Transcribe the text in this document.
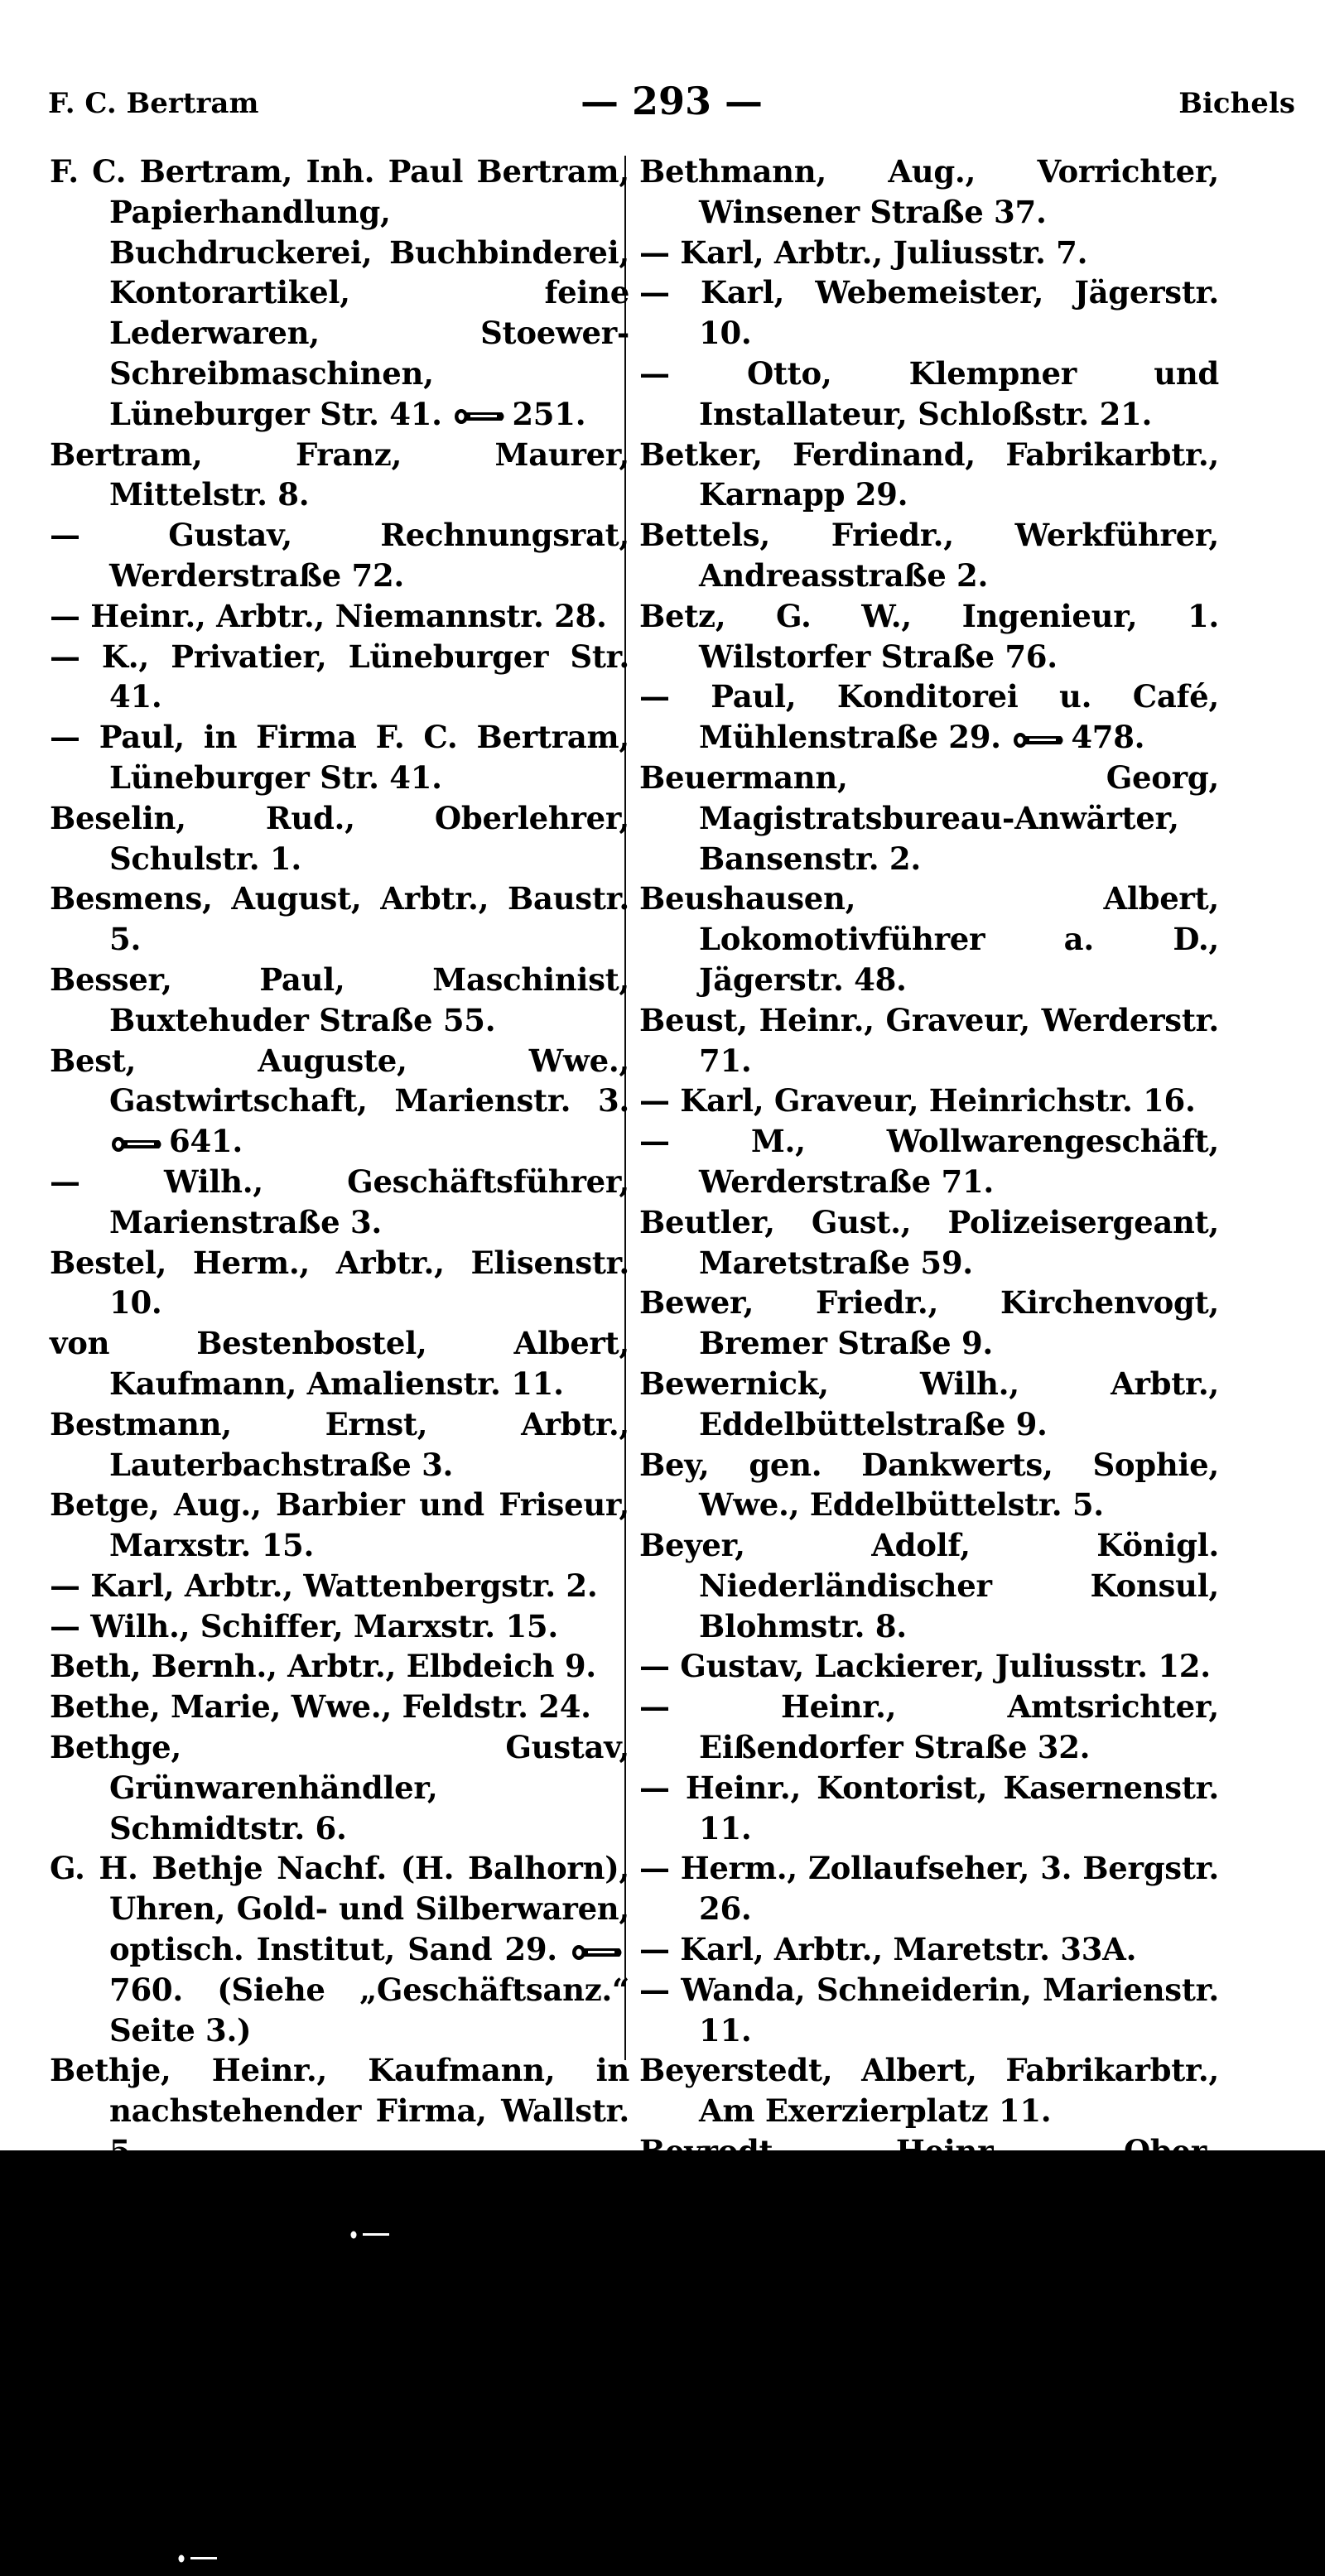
F. C. Bertram	— 293 —	Bichels
F. C. Bertram, Inh. Paul Bertram, Papierhandlung, Buchdruckerei, Buchbinderei, Kontorartikel, feine Lederwaren, Stoewer-Schreibmaschinen, Lüneburger Str. 41. 251.
Bertram, Franz, Maurer, Mittelstr. 8.
— Gustav, Rechnungsrat, Werderstraße 72.
— Heinr., Arbtr., Niemannstr. 28.
— K., Privatier, Lüneburger Str. 41.
— Paul, in Firma F. C. Bertram, Lüneburger Str. 41.
Beselin, Rud., Oberlehrer, Schulstr. 1.
Besmens, August, Arbtr., Baustr. 5.
Besser, Paul, Maschinist, Buxtehuder Straße 55.
Best, Auguste, Wwe., Gastwirtschaft, Marienstr. 3. 641.
— Wilh., Geschäftsführer, Marienstraße 3.
Bestel, Herm., Arbtr., Elisenstr. 10.
von Bestenbostel, Albert, Kaufmann, Amalienstr. 11.
Bestmann, Ernst, Arbtr., Lauterbachstraße 3.
Betge, Aug., Barbier und Friseur, Marxstr. 15.
— Karl, Arbtr., Wattenbergstr. 2.
— Wilh., Schiffer, Marxstr. 15.
Beth, Bernh., Arbtr., Elbdeich 9.
Bethe, Marie, Wwe., Feldstr. 24.
Bethge, Gustav, Grünwarenhändler, Schmidtstr. 6.
G. H. Bethje Nachf. (H. Balhorn), Uhren, Gold- und Silberwaren, optisch. Institut, Sand 29. 760. (Siehe „Geschäftsanz.“ Seite 3.)
Bethje, Heinr., Kaufmann, in nachstehender Firma, Wallstr. 5.
Heinr. Bethje, Waren en gros, Wallstraße 5. 117.
Bethke, Anna, Wwe., Küchgarten 17.
— Franz, Bäckerei, Heimfelder Str. 5.
— Friedr., Mühlenarbeiter, Milchgrund 46.
— Otto, Gärtner, Heimfelder Str. 39. 599.
Bethmann, Aug., Vorrichter, Winsener Straße 37.
— Karl, Arbtr., Juliusstr. 7.
— Karl, Webemeister, Jägerstr. 10.
— Otto, Klempner und Installateur, Schloßstr. 21.
Betker, Ferdinand, Fabrikarbtr., Karnapp 29.
Bettels, Friedr., Werkführer, Andreasstraße 2.
Betz, G. W., Ingenieur, 1. Wilstorfer Straße 76.
— Paul, Konditorei u. Café, Mühlenstraße 29. 478.
Beuermann, Georg, Magistratsbureau-Anwärter, Bansenstr. 2.
Beushausen, Albert, Lokomotivführer a. D., Jägerstr. 48.
Beust, Heinr., Graveur, Werderstr. 71.
— Karl, Graveur, Heinrichstr. 16.
— M., Wollwarengeschäft, Werderstraße 71.
Beutler, Gust., Polizeisergeant, Maretstraße 59.
Bewer, Friedr., Kirchenvogt, Bremer Straße 9.
Bewernick, Wilh., Arbtr., Eddelbüttelstraße 9.
Bey, gen. Dankwerts, Sophie, Wwe., Eddelbüttelstr. 5.
Beyer, Adolf, Königl. Niederländischer Konsul, Blohmstr. 8.
— Gustav, Lackierer, Juliusstr. 12.
— Heinr., Amtsrichter, Eißendorfer Straße 32.
— Heinr., Kontorist, Kasernenstr. 11.
— Herm., Zollaufseher, 3. Bergstr. 26.
— Karl, Arbtr., Maretstr. 33A.
— Wanda, Schneiderin, Marienstr. 11.
Beyerstedt, Albert, Fabrikarbtr., Am Exerzierplatz 11.
Beyrodt, Heinr., Ober-Bahnhofsvorsteher, Staatsbahnhof.
Beythin, Aug., Arbtr., Eißendorfer Straße 11.
Biber, Georg, Hilfsheizer, Bremer Straße 50.
Bichels, Karl, Arbtr., Haakestr. 90.
